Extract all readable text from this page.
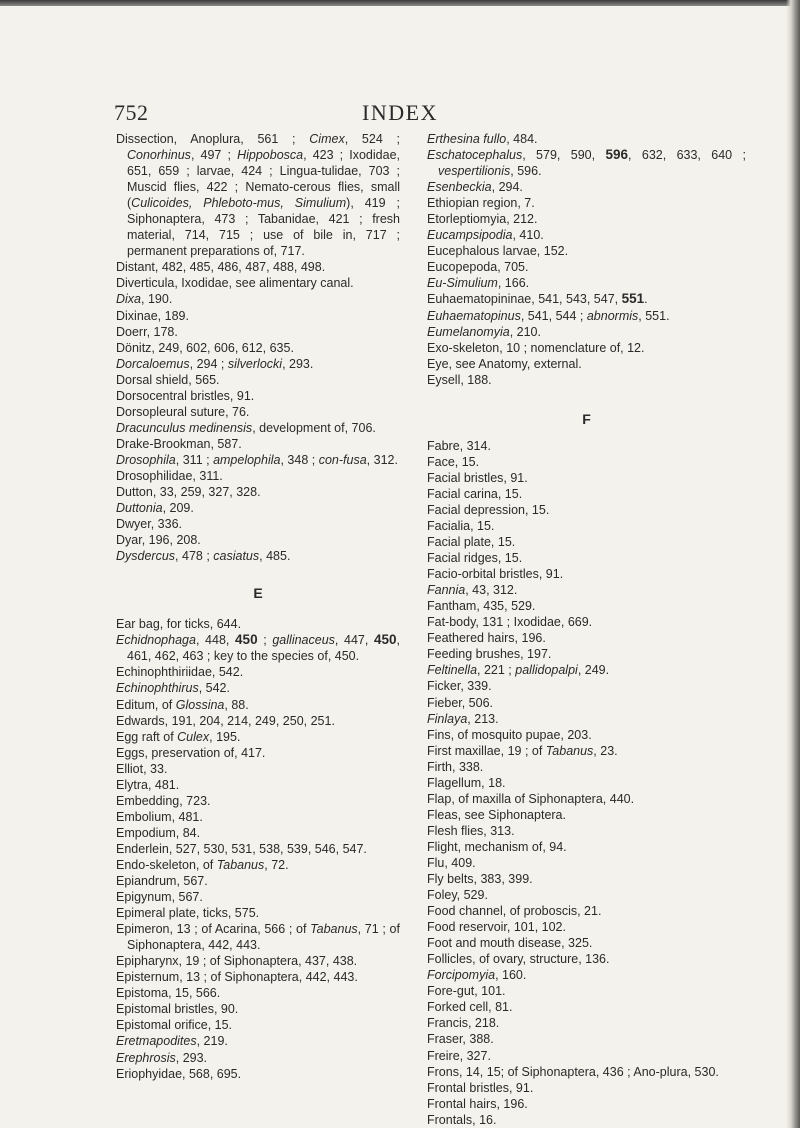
752	INDEX
Dissection, Anoplura, 561 ; Cimex, 524 ; Conorhinus, 497 ; Hippobosca, 423 ; Ixodidae, 651, 659 ; larvae, 424 ; Lingua-tulidae, 703 ; Muscid flies, 422 ; Nemato-cerous flies, small (Culicoides, Phleboto-mus, Simulium), 419 ; Siphonaptera, 473 ; Tabanidae, 421 ; fresh material, 714, 715 ; use of bile in, 717 ; permanent preparations of, 717.
Distant, 482, 485, 486, 487, 488, 498.
Diverticula, Ixodidae, see alimentary canal.
Dixa, 190.
Dixinae, 189.
Doerr, 178.
Dönitz, 249, 602, 606, 612, 635.
Dorcaloemus, 294 ; silverlocki, 293.
Dorsal shield, 565.
Dorsocentral bristles, 91.
Dorsopleural suture, 76.
Dracunculus medinensis, development of, 706.
Drake-Brookman, 587.
Drosophila, 311 ; ampelophila, 348 ; con-fusa, 312.
Drosophilidae, 311.
Dutton, 33, 259, 327, 328.
Duttonia, 209.
Dwyer, 336.
Dyar, 196, 208.
Dysdercus, 478 ; casiatus, 485.
E
Ear bag, for ticks, 644.
Echidnophaga, 448, 450 ; gallinaceus, 447, 450, 461, 462, 463 ; key to the species of, 450.
Echinophthiriidae, 542.
Echinophthirus, 542.
Editum, of Glossina, 88.
Edwards, 191, 204, 214, 249, 250, 251.
Egg raft of Culex, 195.
Eggs, preservation of, 417.
Elliot, 33.
Elytra, 481.
Embedding, 723.
Embolium, 481.
Empodium, 84.
Enderlein, 527, 530, 531, 538, 539, 546, 547.
Endo-skeleton, of Tabanus, 72.
Epiandrum, 567.
Epigynum, 567.
Epimeral plate, ticks, 575.
Epimeron, 13 ; of Acarina, 566 ; of Tabanus, 71 ; of Siphonaptera, 442, 443.
Epipharynx, 19 ; of Siphonaptera, 437, 438.
Episternum, 13 ; of Siphonaptera, 442, 443.
Epistoma, 15, 566.
Epistomal bristles, 90.
Epistomal orifice, 15.
Eretmapodites, 219.
Erephrosis, 293.
Eriophyidae, 568, 695.
Erthesina fullo, 484.
Eschatocephalus, 579, 590, 596, 632, 633, 640 ; vespertilionis, 596.
Esenbeckia, 294.
Ethiopian region, 7.
Etorleptiomyia, 212.
Eucampsipodia, 410.
Eucephalous larvae, 152.
Eucopepoda, 705.
Eu-Simulium, 166.
Euhaematopininae, 541, 543, 547, 551.
Euhaematopinus, 541, 544 ; abnormis, 551.
Eumelanomyia, 210.
Exo-skeleton, 10 ; nomenclature of, 12.
Eye, see Anatomy, external.
Eysell, 188.
F
Fabre, 314.
Face, 15.
Facial bristles, 91.
Facial carina, 15.
Facial depression, 15.
Facialia, 15.
Facial plate, 15.
Facial ridges, 15.
Facio-orbital bristles, 91.
Fannia, 43, 312.
Fantham, 435, 529.
Fat-body, 131 ; Ixodidae, 669.
Feathered hairs, 196.
Feeding brushes, 197.
Feltinella, 221 ; pallidopalpi, 249.
Ficker, 339.
Fieber, 506.
Finlaya, 213.
Fins, of mosquito pupae, 203.
First maxillae, 19 ; of Tabanus, 23.
Firth, 338.
Flagellum, 18.
Flap, of maxilla of Siphonaptera, 440.
Fleas, see Siphonaptera.
Flesh flies, 313.
Flight, mechanism of, 94.
Flu, 409.
Fly belts, 383, 399.
Foley, 529.
Food channel, of proboscis, 21.
Food reservoir, 101, 102.
Foot and mouth disease, 325.
Follicles, of ovary, structure, 136.
Forcipomyia, 160.
Fore-gut, 101.
Forked cell, 81.
Francis, 218.
Fraser, 388.
Freire, 327.
Frons, 14, 15; of Siphonaptera, 436 ; Ano-plura, 530.
Frontal bristles, 91.
Frontal hairs, 196.
Frontals, 16.
